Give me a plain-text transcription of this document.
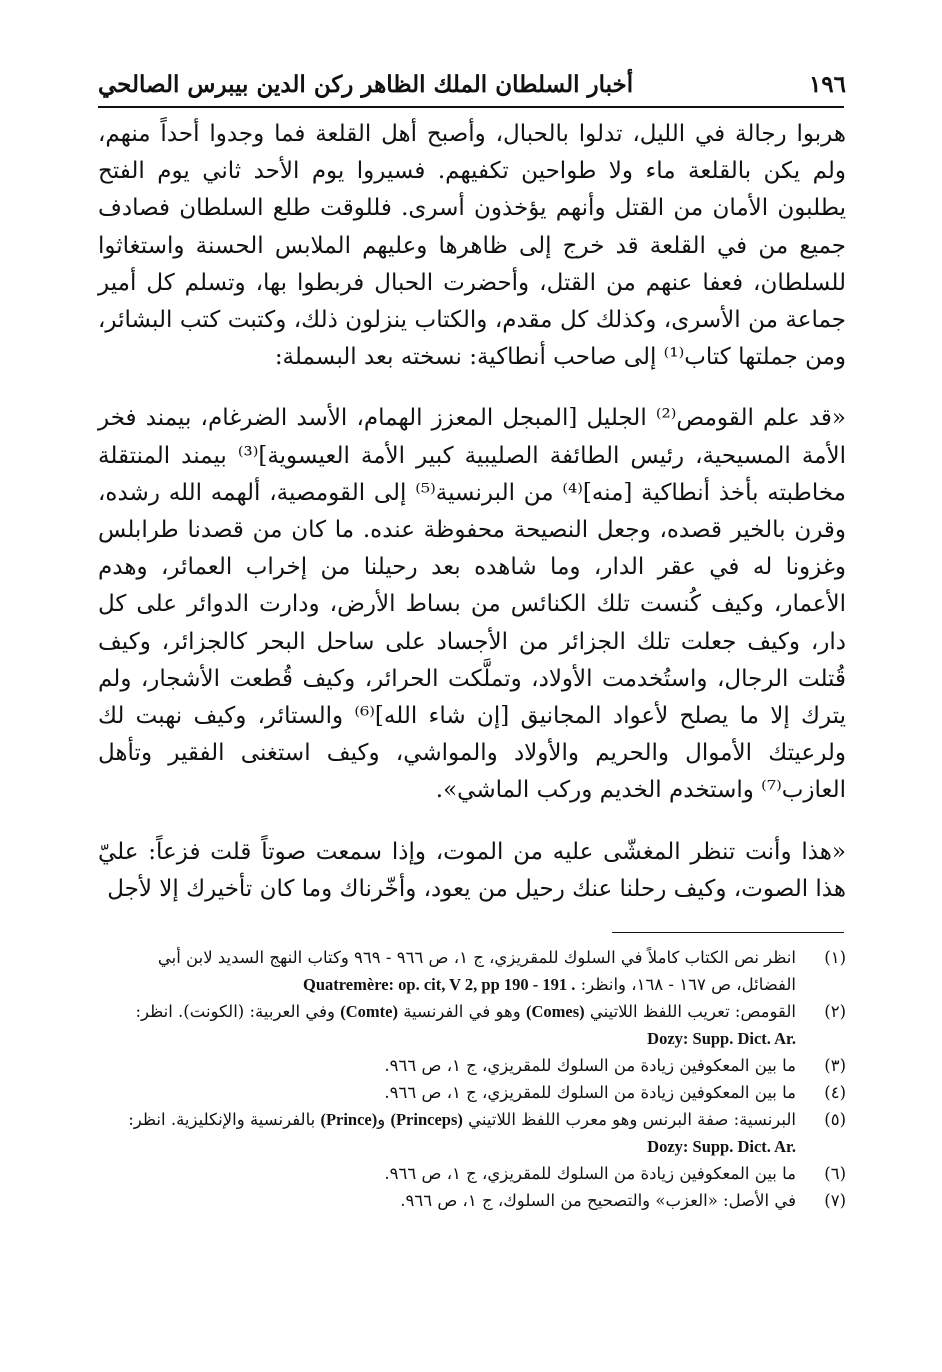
١٩٦
أخبار السلطان الملك الظاهر ركن الدين بيبرس الصالحي

هربوا رجالة في الليل، تدلوا بالحبال، وأصبح أهل القلعة فما وجدوا أحداً منهم، ولم يكن بالقلعة ماء ولا طواحين تكفيهم. فسيروا يوم الأحد ثاني يوم الفتح يطلبون الأمان من القتل وأنهم يؤخذون أسرى. فللوقت طلع السلطان فصادف جميع من في القلعة قد خرج إلى ظاهرها وعليهم الملابس الحسنة واستغاثوا للسلطان، فعفا عنهم من القتل، وأحضرت الحبال فربطوا بها، وتسلم كل أمير جماعة من الأسرى، وكذلك كل مقدم، والكتاب ينزلون ذلك، وكتبت كتب البشائر، ومن جملتها كتاب⁽¹⁾ إلى صاحب أنطاكية: نسخته بعد البسملة:

«قد علم القومص⁽²⁾ الجليل [المبجل المعزز الهمام، الأسد الضرغام، بيمند فخر الأمة المسيحية، رئيس الطائفة الصليبية كبير الأمة العيسوية]⁽³⁾ بيمند المنتقلة مخاطبته بأخذ أنطاكية [منه]⁽⁴⁾ من البرنسية⁽⁵⁾ إلى القومصية، ألهمه الله رشده، وقرن بالخير قصده، وجعل النصيحة محفوظة عنده. ما كان من قصدنا طرابلس وغزونا له في عقر الدار، وما شاهده بعد رحيلنا من إخراب العمائر، وهدم الأعمار، وكيف كُنست تلك الكنائس من بساط الأرض، ودارت الدوائر على كل دار، وكيف جعلت تلك الجزائر من الأجساد على ساحل البحر كالجزائر، وكيف قُتلت الرجال، واستُخدمت الأولاد، وتملَّكت الحرائر، وكيف قُطعت الأشجار، ولم يترك إلا ما يصلح لأعواد المجانيق [إن شاء الله]⁽⁶⁾ والستائر، وكيف نهبت لك ولرعيتك الأموال والحريم والأولاد والمواشي، وكيف استغنى الفقير وتأهل العازب⁽⁷⁾ واستخدم الخديم وركب الماشي».

«هذا وأنت تنظر المغشّى عليه من الموت، وإذا سمعت صوتاً قلت فزعاً: عليّ هذا الصوت، وكيف رحلنا عنك رحيل من يعود، وأخّرناك وما كان تأخيرك إلا لأجل

(١)
انظر نص الكتاب كاملاً في السلوك للمقريزي، ج ١، ص ٩٦٦ - ٩٦٩ وكتاب النهج السديد لابن أبي الفضائل، ص ١٦٧ - ١٦٨، وانظر: Quatremère: op. cit, V 2, pp 190 - 191 .
(٢)
القومص: تعريب اللفظ اللاتيني (Comes) وهو في الفرنسية (Comte) وفي العربية: (الكونت). انظر: Dozy: Supp. Dict. Ar.
(٣)
ما بين المعكوفين زيادة من السلوك للمقريزي، ج ١، ص ٩٦٦.
(٤)
ما بين المعكوفين زيادة من السلوك للمقريزي، ج ١، ص ٩٦٦.
(٥)
البرنسية: صفة البرنس وهو معرب اللفظ اللاتيني (Princeps) و(Prince) بالفرنسية والإنكليزية. انظر: Dozy: Supp. Dict. Ar.
(٦)
ما بين المعكوفين زيادة من السلوك للمقريزي، ج ١، ص ٩٦٦.
(٧)
في الأصل: «العزب» والتصحيح من السلوك، ج ١، ص ٩٦٦.
